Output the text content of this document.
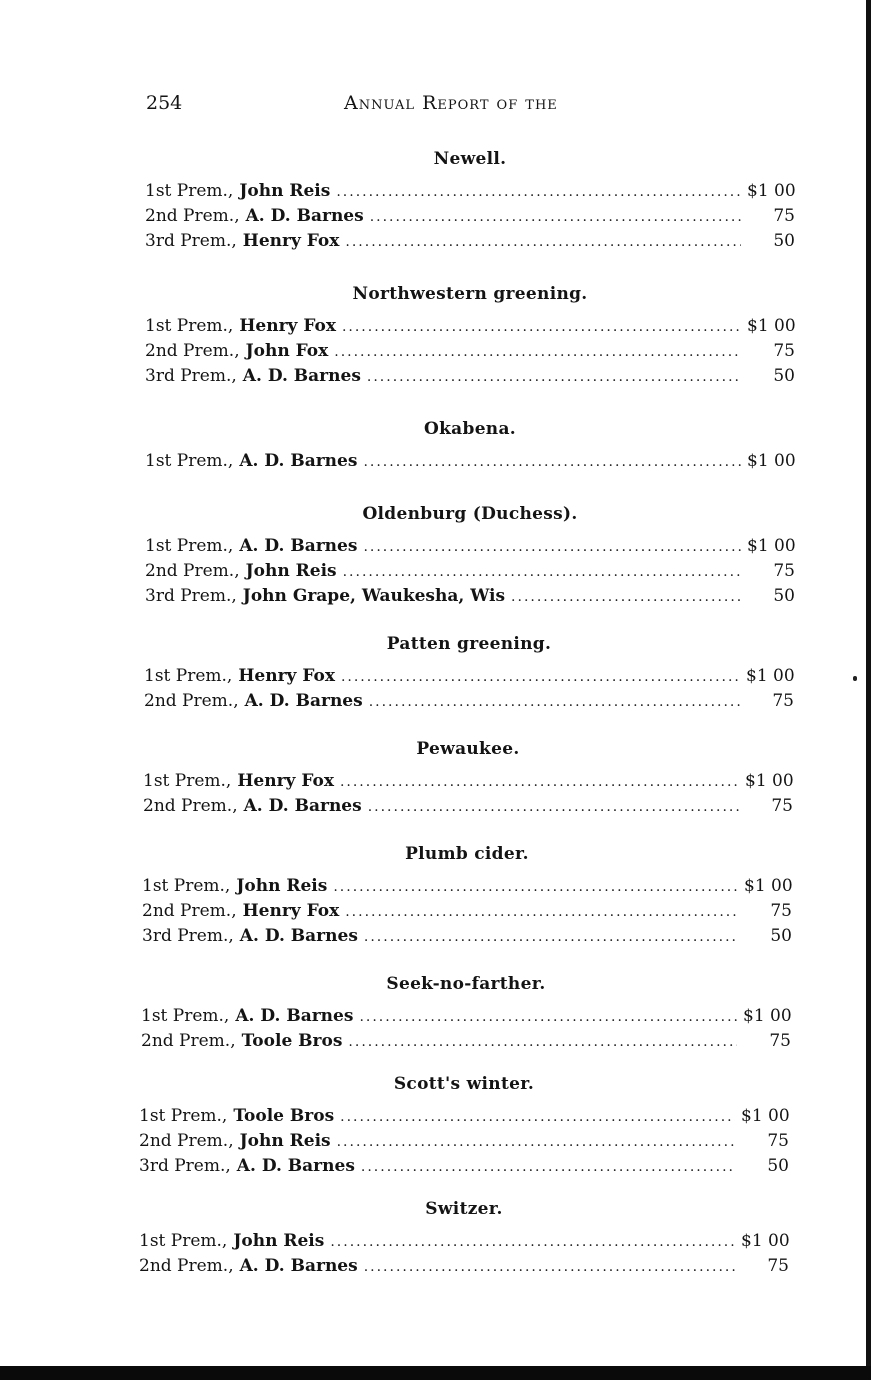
254	Annual Report of the
Newell.
1st Prem., John Reis .....	$1 00
2nd Prem., A. D. Barnes .....	75
3rd Prem., Henry Fox .....	50
Northwestern greening.
1st Prem., Henry Fox .....	$1 00
2nd Prem., John Fox .....	75
3rd Prem., A. D. Barnes .....	50
Okabena.
1st Prem., A. D. Barnes .....	$1 00
Oldenburg (Duchess).
1st Prem., A. D. Barnes .....	$1 00
2nd Prem., John Reis .....	75
3rd Prem., John Grape, Waukesha, Wis .....	50
Patten greening.
1st Prem., Henry Fox .....	$1 00
2nd Prem., A. D. Barnes .....	75
Pewaukee.
1st Prem., Henry Fox .....	$1 00
2nd Prem., A. D. Barnes .....	75
Plumb cider.
1st Prem., John Reis .....	$1 00
2nd Prem., Henry Fox .....	75
3rd Prem., A. D. Barnes .....	50
Seek-no-farther.
1st Prem., A. D. Barnes .....	$1 00
2nd Prem., Toole Bros .....	75
Scott's winter.
1st Prem., Toole Bros .....	$1 00
2nd Prem., John Reis .....	75
3rd Prem., A. D. Barnes .....	50
Switzer.
1st Prem., John Reis .....	$1 00
2nd Prem., A. D. Barnes .....	75
